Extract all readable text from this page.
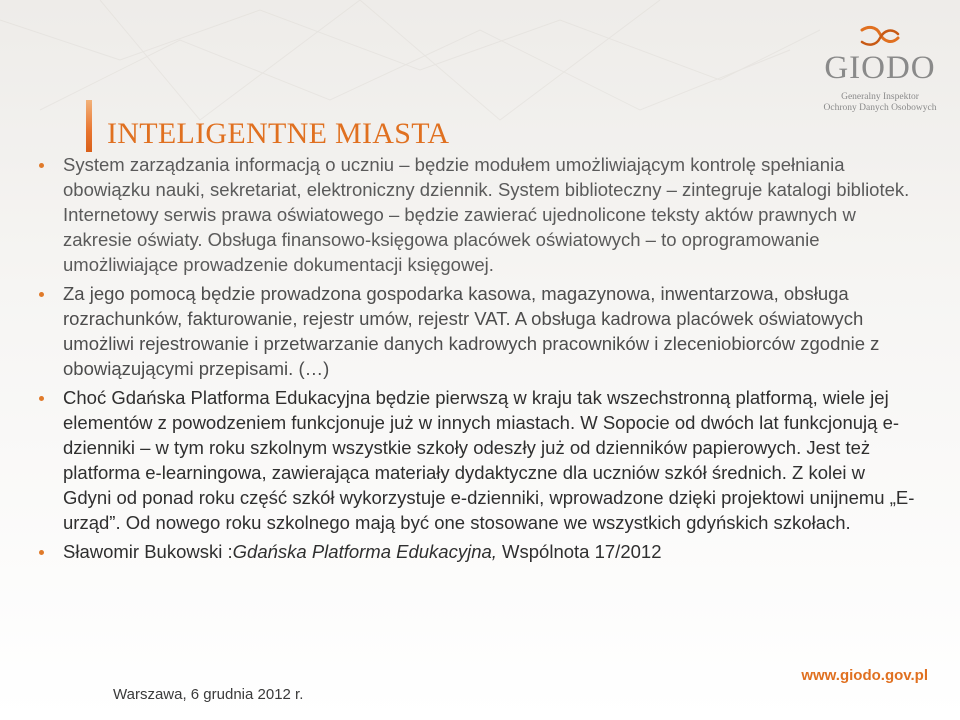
GIODO
Generalny Inspektor
Ochrony Danych Osobowych
INTELIGENTNE MIASTA
System zarządzania informacją o uczniu – będzie modułem umożliwiającym kontrolę spełniania obowiązku nauki, sekretariat, elektroniczny dziennik. System biblioteczny – zintegruje katalogi bibliotek. Internetowy serwis prawa oświatowego – będzie zawierać ujednolicone teksty aktów prawnych w zakresie oświaty. Obsługa finansowo-księgowa placówek oświatowych – to oprogramowanie umożliwiające prowadzenie dokumentacji księgowej.
Za jego pomocą będzie prowadzona gospodarka kasowa, magazynowa, inwentarzowa, obsługa rozrachunków, fakturowanie, rejestr umów, rejestr VAT. A obsługa kadrowa placówek oświatowych umożliwi rejestrowanie i przetwarzanie danych kadrowych pracowników i zleceniobiorców zgodnie z obowiązującymi przepisami. (…)
Choć Gdańska Platforma Edukacyjna będzie pierwszą w kraju tak wszechstronną platformą, wiele jej elementów z powodzeniem funkcjonuje już w innych miastach. W Sopocie od dwóch lat funkcjonują e-dzienniki – w tym roku szkolnym wszystkie szkoły odeszły już od dzienników papierowych. Jest też platforma e-learningowa, zawierająca materiały dydaktyczne dla uczniów szkół średnich. Z kolei w Gdyni od ponad roku część szkół wykorzystuje e-dzienniki, wprowadzone dzięki projektowi unijnemu „E-urząd”. Od nowego roku szkolnego mają być one stosowane we wszystkich gdyńskich szkołach.
Sławomir Bukowski :Gdańska Platforma Edukacyjna, Wspólnota 17/2012
Warszawa, 6 grudnia 2012 r.
www.giodo.gov.pl
